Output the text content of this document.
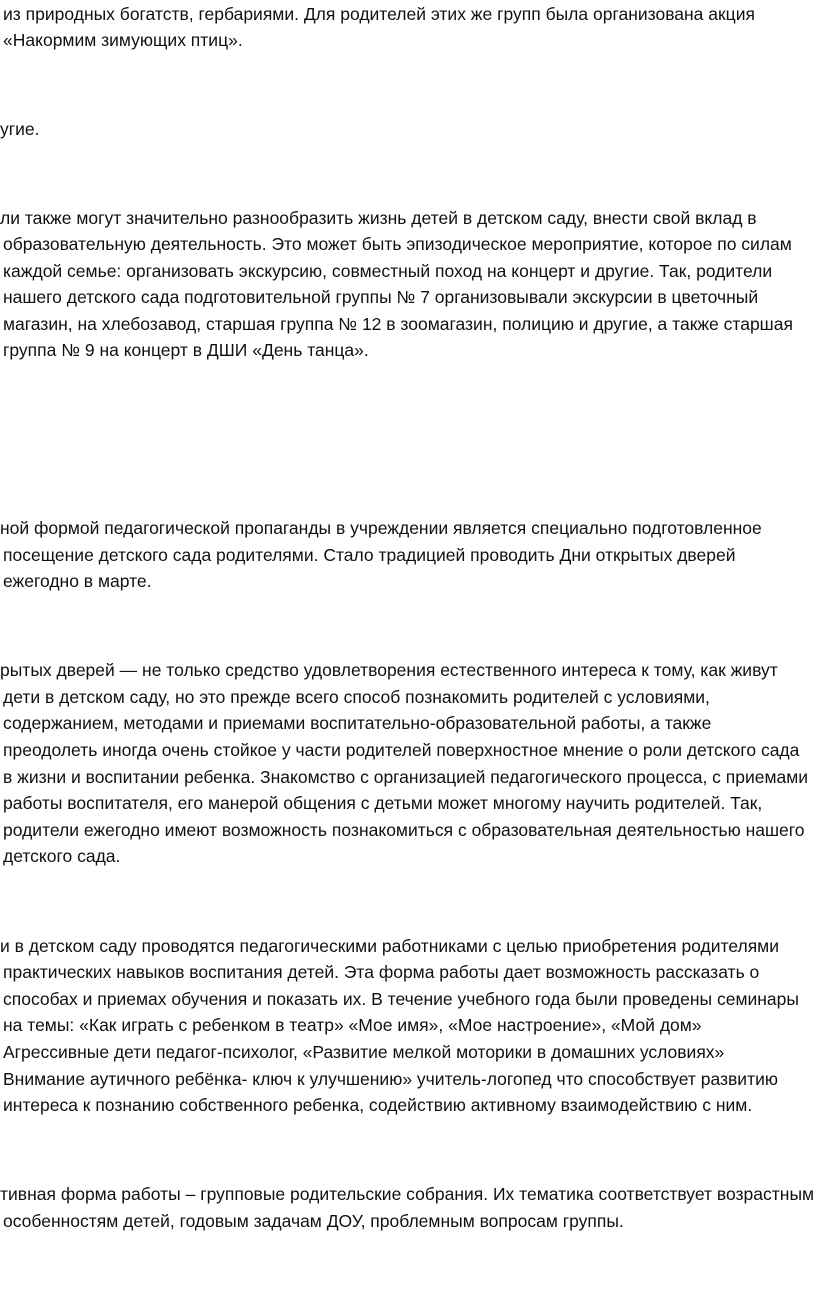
из природных богатств, гербариями. Для родителей этих же групп была организована акция
«Накормим зимующих птиц».
угие.
ли также могут значительно разнообразить жизнь детей в детском саду, внести свой вклад в
образовательную деятельность. Это может быть эпизодическое мероприятие, которое по силам
каждой семье: организовать экскурсию, совместный поход на концерт и другие. Так, родители
нашего детского сада подготовительной группы № 7 организовывали экскурсии в цветочный
магазин, на хлебозавод, старшая группа № 12 в зоомагазин, полицию и другие, а также старшая
группа № 9 на концерт в ДШИ «День танца».
ной формой педагогической пропаганды в учреждении является специально подготовленное
посещение детского сада родителями. Стало традицией проводить Дни открытых дверей
ежегодно в марте.
рытых дверей — не только средство удовлетворения естественного интереса к тому, как живут
дети в детском саду, но это прежде всего способ познакомить родителей с условиями,
содержанием, методами и приемами воспитательно-образовательной работы, а также
преодолеть иногда очень стойкое у части родителей поверхностное мнение о роли детского сада
в жизни и воспитании ребенка. Знакомство с организацией педагогического процесса, с приемами
работы воспитателя, его манерой общения с детьми может многому научить родителей. Так,
родители ежегодно имеют возможность познакомиться с образовательная деятельностью нашего
детского сада.
и в детском саду проводятся педагогическими работниками с целью приобретения родителями
практических навыков воспитания детей. Эта форма работы дает возможность рассказать о
способах и приемах обучения и показать их. В течение учебного года были проведены семинары
на темы: «Как играть с ребенком в театр» «Мое имя», «Мое настроение», «Мой дом»
Агрессивные дети педагог-психолог, «Развитие мелкой моторики в домашних условиях»
Внимание аутичного ребёнка- ключ к улучшению» учитель-логопед что способствует развитию
интереса к познанию собственного ребенка, содействию активному взаимодействию с ним.
тивная форма работы – групповые родительские собрания. Их тематика соответствует возрастным
особенностям детей, годовым задачам ДОУ, проблемным вопросам группы.
